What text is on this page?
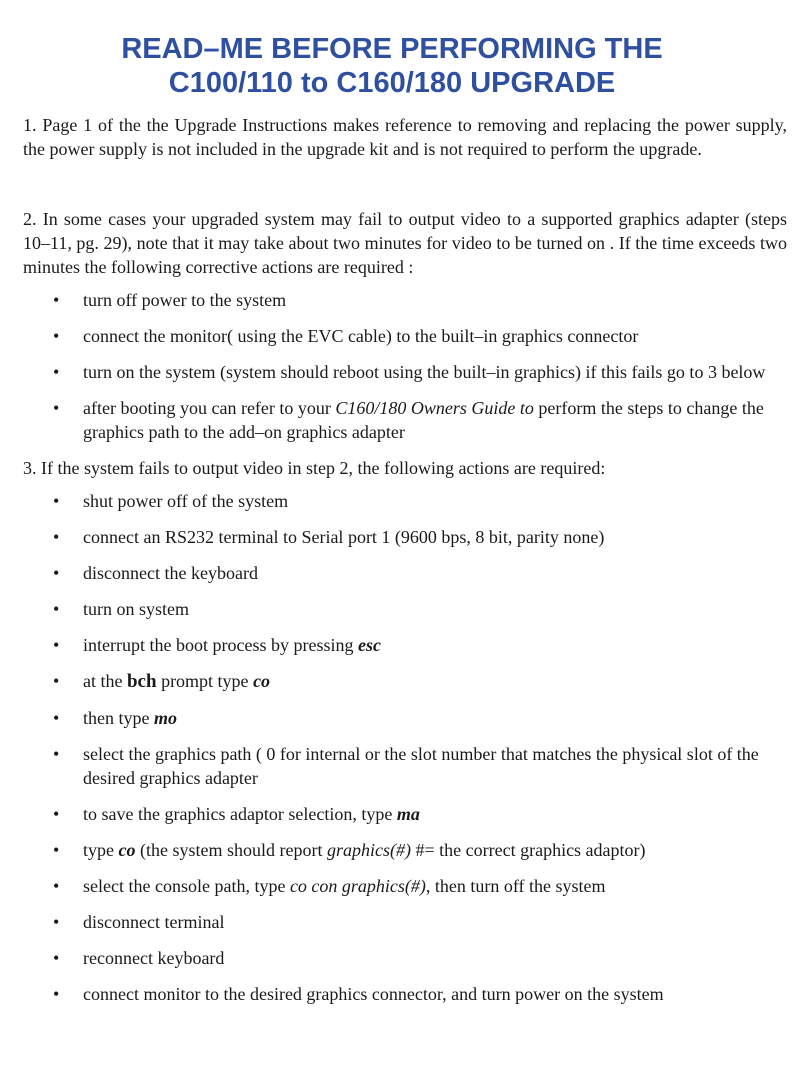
READ–ME BEFORE PERFORMING THE
C100/110 to C160/180 UPGRADE

1. Page 1 of the the Upgrade Instructions makes reference to removing and replacing the power supply, the power supply is not included in the upgrade kit and is not required to perform the upgrade.

2. In some cases your upgraded system may fail to output video to a supported graphics adapter (steps 10–11, pg. 29), note that it may take about two minutes for video to be turned on . If the time exceeds two minutes the following corrective actions are required :

• turn off power to the system
• connect the monitor( using the EVC cable) to the built–in graphics connector
• turn on the system (system should reboot using the built–in graphics) if this fails go to 3 below
• after booting you can refer to your C160/180 Owners Guide to perform the steps to change the graphics path to the add–on graphics adapter

3. If the system fails to output video in step 2, the following actions are required:

• shut power off of the system
• connect an RS232 terminal to Serial port 1 (9600 bps, 8 bit, parity none)
• disconnect the keyboard
• turn on system
• interrupt the boot process by pressing esc
• at the bch prompt type co
• then type mo
• select the graphics path ( 0 for internal or the slot number that matches the physical slot of the desired graphics adapter
• to save the graphics adaptor selection, type ma
• type co (the system should report graphics(#) #= the correct graphics adaptor)
• select the console path, type co con graphics(#), then turn off the system
• disconnect terminal
• reconnect keyboard
• connect monitor to the desired graphics connector, and turn power on the system
